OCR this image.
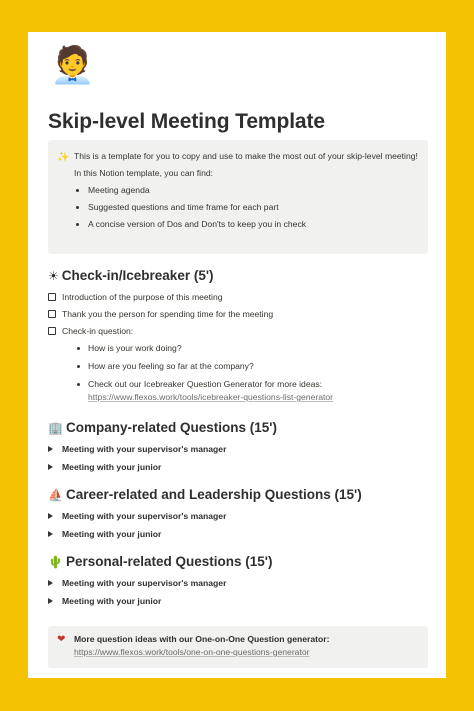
🧑‍💼
Skip-level Meeting Template
✨ This is a template for you to copy and use to make the most out of your skip-level meeting!
In this Notion template, you can find:
• Meeting agenda
• Suggested questions and time frame for each part
• A concise version of Dos and Don'ts to keep you in check
☀ Check-in/Icebreaker (5')
Introduction of the purpose of this meeting
Thank you the person for spending time for the meeting
Check-in question:
How is your work doing?
How are you feeling so far at the company?
Check out our Icebreaker Question Generator for more ideas:
https://www.flexos.work/tools/icebreaker-questions-list-generator
🏢 Company-related Questions (15')
Meeting with your supervisor's manager
Meeting with your junior
⛵ Career-related and Leadership Questions (15')
Meeting with your supervisor's manager
Meeting with your junior
🌵 Personal-related Questions (15')
Meeting with your supervisor's manager
Meeting with your junior
❤ More question ideas with our One-on-One Question generator:
https://www.flexos.work/tools/one-on-one-questions-generator
